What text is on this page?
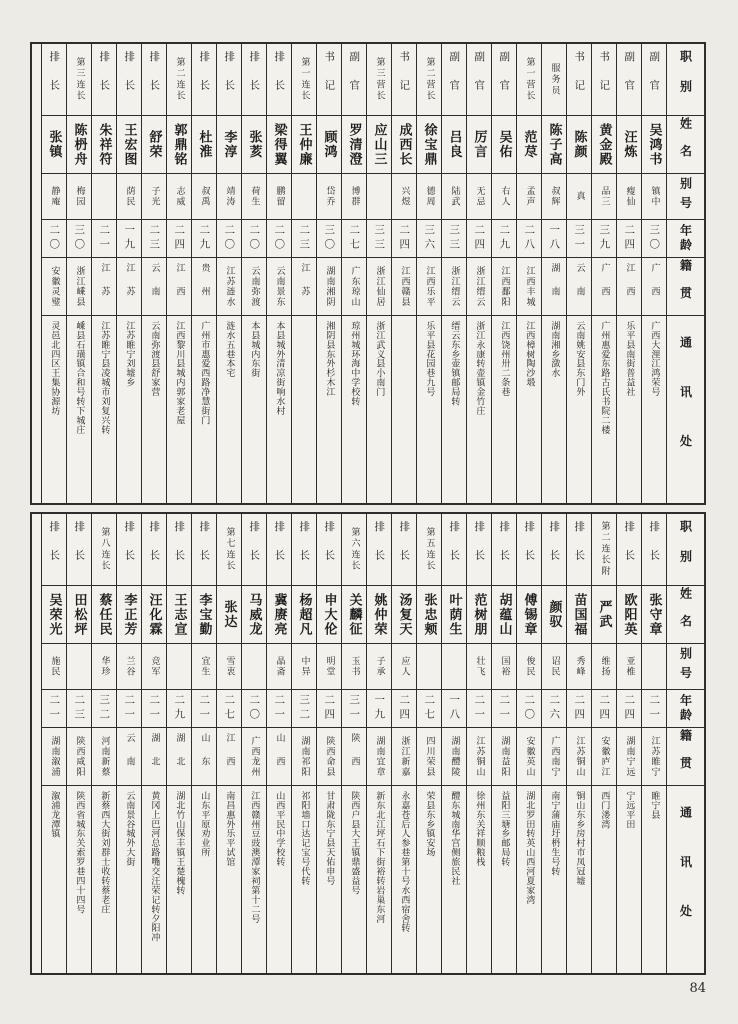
职别
姓名
别号
年龄
籍贯
通讯处
副官
吴鸿书
镇中
三〇
广西
广西大浬江鸿荣号
副官
汪炼
瘦仙
二四
江西
乐平县南街普益社
书记
黄金殿
品三
三九
广西
广州惠爱东路古氏书院二楼
书记
陈颜
真
三一
云南
云南姚安县东门外
服务员
陈子高
叔辉
一八
湖南
湖南湘乡潋水
第一营长
范荩
孟声
二八
江西丰城
江西樟树陶沙塅
副官
吴佑
右人
二九
江西鄱阳
江西饶州卅二条巷
副官
厉言
无忌
二四
浙江缙云
浙江永康转壶镇金竹庄
副官
吕良
陆武
三三
浙江缙云
缙云东乡壶镇邮局转
第二营长
徐宝鼎
德周
三六
江西乐平
乐平县花园巷九号
书记
成西长
兴煜
二四
江西赣县
第三营长
应山三
三三
浙江仙居
浙江武义县小南门
副官
罗清澄
博群
二七
广东琼山
琼州城环海中学校转
书记
顾鸿
岱乔
三〇
湖南湘阴
湘阴县东外杉木江
第一连长
王仲廉
二三
江苏
排长
梁得翼
鹏留
二〇
云南景东
本县城外清凉街响水村
排长
张荄
荷生
二〇
云南弥渡
本县城内东街
排长
李淳
靖涛
二〇
江苏涟水
涟水五巷本宅
排长
杜淮
叔禹
二九
贵州
广州市惠爱西路净慧街门
第二连长
郭鼎铭
志威
二四
江西
江西黎川县城内郭家老屋
排长
舒荣
子光
二三
云南
云南弥渡县舒家营
排长
王宏图
荫民
一九
江苏
江苏睢宁刘墟乡
排长
朱祥符
二一
江苏
江苏睢宁县凌城市刘复兴转
第三连长
陈枬舟
梅园
三〇
浙江嵊县
嵊县石璜镇合和号转下城庄
排长
张镇
静庵
二〇
安徽灵璧
灵邑北四区王集协源坊
职别
姓名
别号
年龄
籍贯
通讯处
排长
张守章
二一
江苏睢宁
睢宁县
排长
欧阳英
亚椎
二四
湖南宁远
宁远平田
第二连长附
严武
维扬
二四
安徽庐江
西门溇湾
排长
苗国福
秀峰
二四
江苏铜山
铜山东乡房村市凤冠墟
排长
颜驭
诏民
二六
广西南宁
南宁蒲庙圩枬生号转
排长
傅锡章
俊民
二〇
安徽英山
湖北罗田转英山西河夏家湾
排长
胡蕴山
国裕
二一
湖南益阳
益阳三塘乡邮局转
排长
范树朋
壮飞
二一
江苏铜山
徐州东关祥顺粮栈
排长
叶荫生
一八
湖南醴陵
醴东城南华宫侧旅民社
第五连长
张忠颊
二七
四川荣县
荣县东乡镇安场
排长
汤复天
应人
二四
浙江新嘉
永嘉苍后人参巷第十号水西宿舍转
排长
姚仲荣
子承
一九
湖南宜章
新东北江坪石下街裕转岩巢东河
第六连长
关麟征
玉书
三一
陕西
陕西户县大王镇鼎盛益号
排长
申大伦
明堂
二四
陕西命县
甘肃陇东宁县天佑申号
排长
杨超凡
中异
三二
湖南祁阳
祁阳墙口达记宝号代转
排长
冀赓亮
晶斋
二一
山西
山西平民中学校转
排长
马威龙
二〇
广西龙州
江西赣州豆豉澳潭家祠第十二号
第七连长
张达
雪衷
二七
江西
南昌惠外乐平试馆
排长
李宝勤
宜生
二一
山东
山东平原劝业所
排长
王志宣
二九
湖北
湖北竹山保丰镇王楚槐转
排长
汪化霖
竞军
二一
湖北
黄冈上巴河总路嘴交汪荣记转夕阳冲
排长
李正芳
兰谷
二一
云南
云南景谷城外大街
第八连长
蔡任民
华珍
三二
河南新蔡
新蔡西大街刘群士收转蔡老庄
排长
田松坪
二三
陕西咸阳
陕西省城东关索罗巷四十四号
排长
吴荣光
施民
二一
湖南溆浦
溆浦龙潭镇
84
